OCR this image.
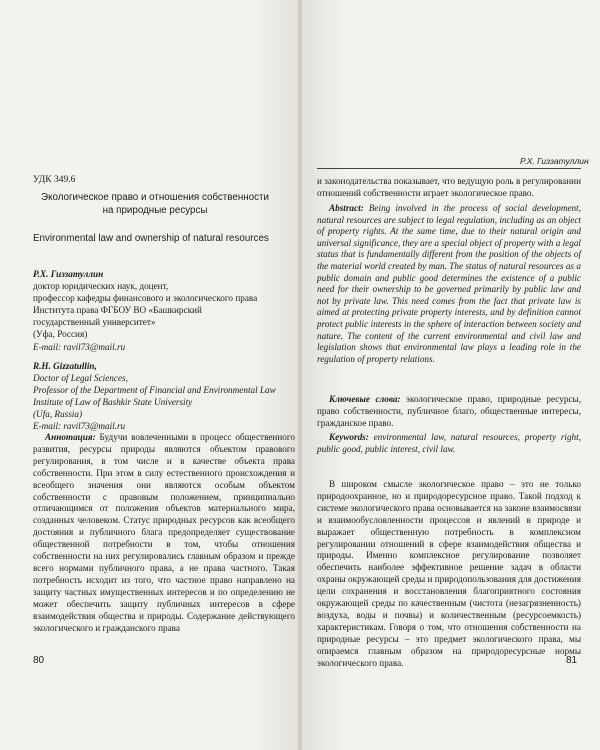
УДК 349.6

Экологическое право и отношения собственности на природные ресурсы

Environmental law and ownership of natural resources

Р.Х. Гиззатуллин
доктор юридических наук, доцент,
профессор кафедры финансового и экологического права
Института права ФГБОУ ВО «Башкирский
государственный университет»
(Уфа, Россия)
E-mail: ravil73@mail.ru
R.H. Gizzatullin,
Doctor of Legal Sciences,
Professor of the Department of Financial and Environmental Law
Institute of Law of Bashkir State University
(Ufa, Russia)
E-mail: ravil73@mail.ru

Аннотация: Будучи вовлеченными в процесс общественного развития, ресурсы природы являются объектом правового регулирования, в том числе и в качестве объекта права собственности. При этом в силу естественного происхождения и всеобщего значения они являются особым объектом собственности с правовым положением, принципиально отличающимся от положения объектов материального мира, созданных человеком. Статус природных ресурсов как всеобщего достояния и публичного блага предопределяет существование общественной потребности в том, чтобы отношения собственности на них регулировались главным образом и прежде всего нормами публичного права, а не права частного. Такая потребность исходит из того, что частное право направлено на защиту частных имущественных интересов и по определению не может обеспечить защиту публичных интересов в сфере взаимодействия общества и природы. Содержание действующего экологического и гражданского права

80

Р.Х. Гиззатуллин

и законодательства показывает, что ведущую роль в регулировании отношений собственности играет экологическое право.

Abstract: Being involved in the process of social development, natural resources are subject to legal regulation, including as an object of property rights. At the same time, due to their natural origin and universal significance, they are a special object of property with a legal status that is fundamentally different from the position of the objects of the material world created by man. The status of natural resources as a public domain and public good determines the existence of a public need for their ownership to be governed primarily by public law and not by private law. This need comes from the fact that private law is aimed at protecting private property interests, and by definition cannot protect public interests in the sphere of interaction between society and nature. The content of the current environmental and civil law and legislation shows that environmental law plays a leading role in the regulation of property relations.

Ключевые слова: экологическое право, природные ресурсы, право собственности, публичное благо, общественные интересы, гражданское право.

Keywords: environmental law, natural resources, property right, public good, public interest, civil law.

В широком смысле экологическое право – это не только природоохранное, но и природоресурсное право. Такой подход к системе экологического права основывается на законе взаимосвязи и взаимообусловленности процессов и явлений в природе и выражает общественную потребность в комплексном регулировании отношений в сфере взаимодействия общества и природы. Именно комплексное регулирование позволяет обеспечить наиболее эффективное решение задач в области охраны окружающей среды и природопользования для достижения цели сохранения и восстановления благоприятного состояния окружающей среды по качественным (чистота (незагрязненность) воздуха, воды и почвы) и количественным (ресурсоемкость) характеристикам. Говоря о том, что отношения собственности на природные ресурсы – это предмет экологического права, мы опираемся главным образом на природоресурсные нормы экологического права.	81
